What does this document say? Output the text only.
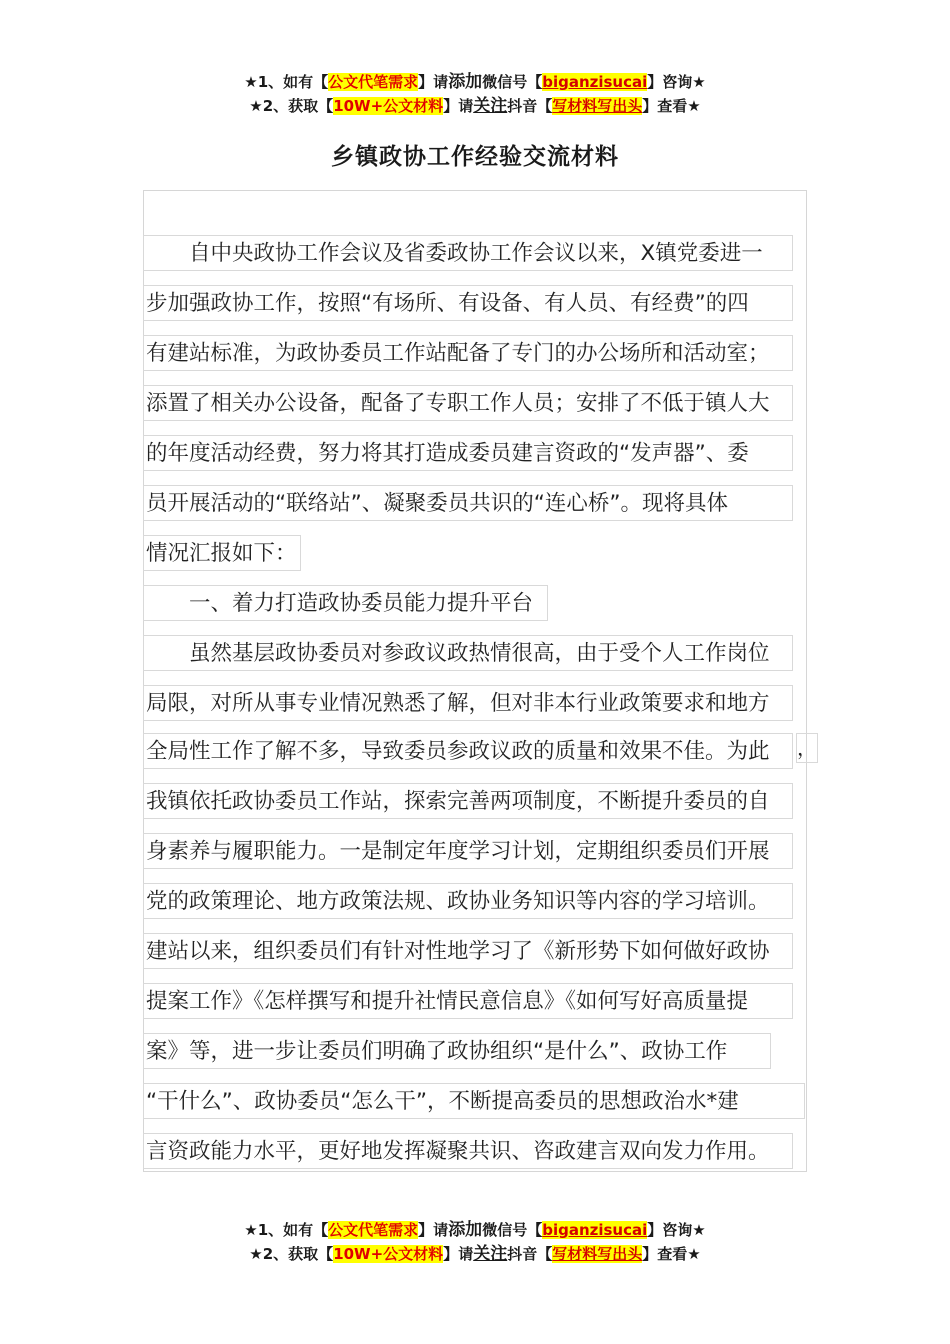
★1、如有【公文代笔需求】请添加微信号【biganzisucai】咨询★
★2、获取【10W+公文材料】请关注抖音【写材料写出头】查看★
乡镇政协工作经验交流材料
　　自中央政协工作会议及省委政协工作会议以来，X镇党委进一
步加强政协工作，按照“有场所、有设备、有人员、有经费”的四
有建站标准，为政协委员工作站配备了专门的办公场所和活动室；
添置了相关办公设备，配备了专职工作人员；安排了不低于镇人大
的年度活动经费，努力将其打造成委员建言资政的“发声器”、委
员开展活动的“联络站”、凝聚委员共识的“连心桥”。现将具体
情况汇报如下：
　　一、着力打造政协委员能力提升平台
　　虽然基层政协委员对参政议政热情很高，由于受个人工作岗位
局限，对所从事专业情况熟悉了解，但对非本行业政策要求和地方
全局性工作了解不多，导致委员参政议政的质量和效果不佳。为此
我镇依托政协委员工作站，探索完善两项制度，不断提升委员的自
身素养与履职能力。一是制定年度学习计划，定期组织委员们开展
党的政策理论、地方政策法规、政协业务知识等内容的学习培训。
建站以来，组织委员们有针对性地学习了《新形势下如何做好政协
提案工作》《怎样撰写和提升社情民意信息》《如何写好高质量提
案》等，进一步让委员们明确了政协组织“是什么”、政协工作
“干什么”、政协委员“怎么干”，不断提高委员的思想政治水*建
言资政能力水平，更好地发挥凝聚共识、咨政建言双向发力作用。
，
★1、如有【公文代笔需求】请添加微信号【biganzisucai】咨询★
★2、获取【10W+公文材料】请关注抖音【写材料写出头】查看★
